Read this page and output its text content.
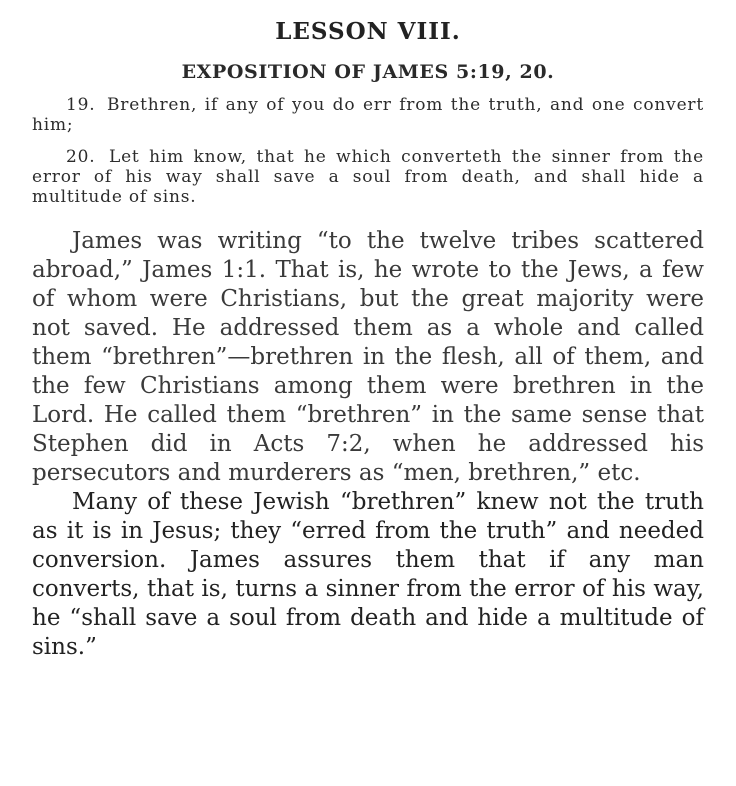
LESSON VIII.
EXPOSITION OF JAMES 5:19, 20.

19. Brethren, if any of you do err from the truth, and one convert him;

20. Let him know, that he which converteth the sinner from the error of his way shall save a soul from death, and shall hide a multitude of sins.

James was writing “to the twelve tribes scattered abroad,” James 1:1. That is, he wrote to the Jews, a few of whom were Christians, but the great majority were not saved. He addressed them as a whole and called them “brethren”—brethren in the flesh, all of them, and the few Christians among them were brethren in the Lord. He called them “brethren” in the same sense that Stephen did in Acts 7:2, when he addressed his persecutors and murderers as “men, brethren,” etc.

Many of these Jewish “brethren” knew not the truth as it is in Jesus; they “erred from the truth” and needed conversion. James assures them that if any man converts, that is, turns a sinner from the error of his way, he “shall save a soul from death and hide a multitude of sins.”
